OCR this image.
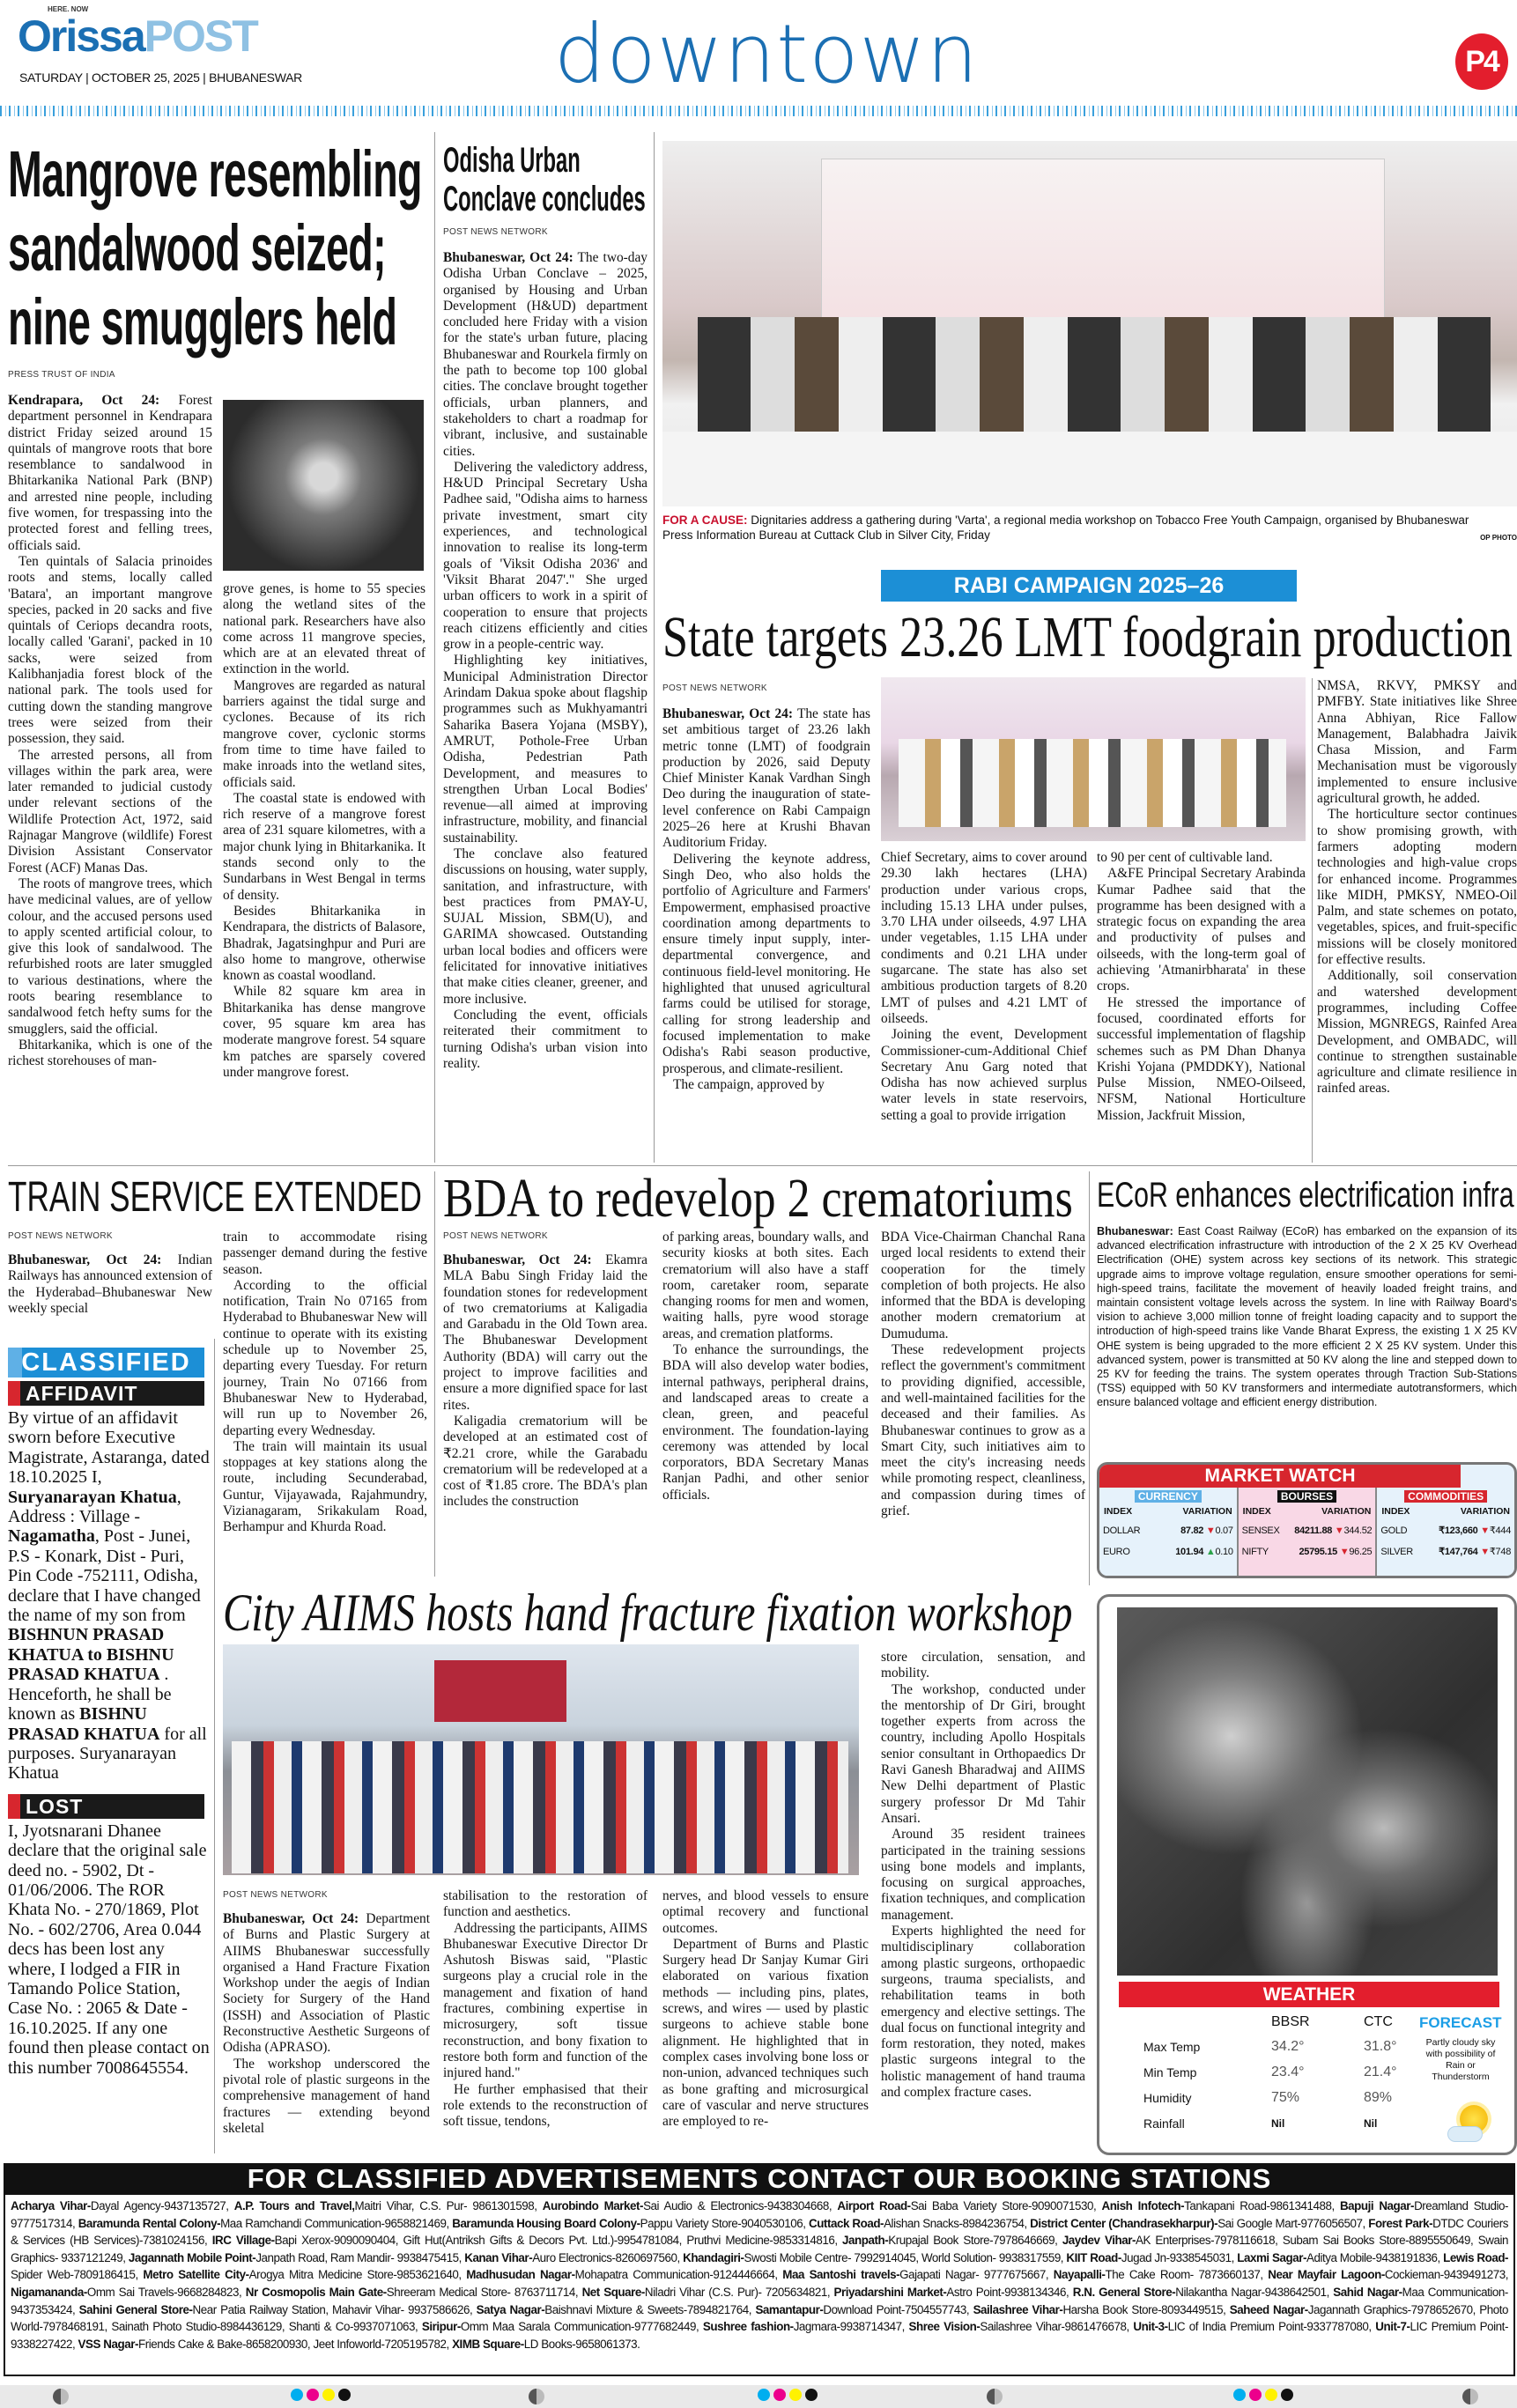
HERE. NOW
OrissaPOST
SATURDAY | OCTOBER 25, 2025 | BHUBANESWAR	downtown	P4
Mangrove resembling
sandalwood seized;
nine smugglers held
PRESS TRUST OF INDIA

Kendrapara, Oct 24: Forest department personnel in Kendrapara district Friday seized around 15 quintals of mangrove roots that bore resemblance to sandalwood in Bhitarkanika National Park (BNP) and arrested nine people, including five women, for trespassing into the protected forest and felling trees, officials said.

Ten quintals of Salacia prinoides roots and stems, locally called 'Batara', an important mangrove species, packed in 20 sacks and five quintals of Ceriops decandra roots, locally called 'Garani', packed in 10 sacks, were seized from Kalibhanjadia forest block of the national park. The tools used for cutting down the standing mangrove trees were seized from their possession, they said.

The arrested persons, all from villages within the park area, were later remanded to judicial custody under relevant sections of the Wildlife Protection Act, 1972, said Rajnagar Mangrove (wildlife) Forest Division Assistant Conservator Forest (ACF) Manas Das.

The roots of mangrove trees, which have medicinal values, are of yellow colour, and the accused persons used to apply scented artificial colour, to give this look of sandalwood. The refurbished roots are later smuggled to various destinations, where the roots bearing resemblance to sandalwood fetch hefty sums for the smugglers, said the official.

Bhitarkanika, which is one of the richest storehouses of man-

grove genes, is home to 55 species along the wetland sites of the national park. Researchers have also come across 11 mangrove species, which are at an elevated threat of extinction in the world.

Mangroves are regarded as natural barriers against the tidal surge and cyclones. Because of its rich mangrove cover, cyclonic storms from time to time have failed to make inroads into the wetland sites, officials said.

The coastal state is endowed with rich reserve of a mangrove forest area of 231 square kilometres, with a major chunk lying in Bhitarkanika. It stands second only to the Sundarbans in West Bengal in terms of density.

Besides Bhitarkanika in Kendrapara, the districts of Balasore, Bhadrak, Jagatsinghpur and Puri are also home to mangrove, otherwise known as coastal woodland.

While 82 square km area in Bhitarkanika has dense mangrove cover, 95 square km area has moderate mangrove forest. 54 square km patches are sparsely covered under mangrove forest.

Odisha Urban
Conclave concludes
POST NEWS NETWORK

Bhubaneswar, Oct 24: The two-day Odisha Urban Conclave – 2025, organised by Housing and Urban Development (H&UD) department concluded here Friday with a vision for the state's urban future, placing Bhubaneswar and Rourkela firmly on the path to become top 100 global cities. The conclave brought together officials, urban planners, and stakeholders to chart a roadmap for vibrant, inclusive, and sustainable cities.

Delivering the valedictory address, H&UD Principal Secretary Usha Padhee said, "Odisha aims to harness private investment, smart city experiences, and technological innovation to realise its long-term goals of 'Viksit Odisha 2036' and 'Viksit Bharat 2047'." She urged urban officers to work in a spirit of cooperation to ensure that projects reach citizens efficiently and cities grow in a people-centric way.

Highlighting key initiatives, Municipal Administration Director Arindam Dakua spoke about flagship programmes such as Mukhyamantri Saharika Basera Yojana (MSBY), AMRUT, Pothole-Free Urban Odisha, Pedestrian Path Development, and measures to strengthen Urban Local Bodies' revenue—all aimed at improving infrastructure, mobility, and financial sustainability.

The conclave also featured discussions on housing, water supply, sanitation, and infrastructure, with best practices from PMAY-U, SUJAL Mission, SBM(U), and GARIMA showcased. Outstanding urban local bodies and officers were felicitated for innovative initiatives that make cities cleaner, greener, and more inclusive.

Concluding the event, officials reiterated their commitment to turning Odisha's urban vision into reality.

OP PHOTO
FOR A CAUSE: Dignitaries address a gathering during 'Varta', a regional media workshop on Tobacco Free Youth Campaign, organised by Bhubaneswar Press Information Bureau at Cuttack Club in Silver City, Friday
RABI CAMPAIGN 2025–26
State targets 23.26 LMT foodgrain production
POST NEWS NETWORK

Bhubaneswar, Oct 24: The state has set ambitious target of 23.26 lakh metric tonne (LMT) of foodgrain production by 2026, said Deputy Chief Minister Kanak Vardhan Singh Deo during the inauguration of state-level conference on Rabi Campaign 2025–26 here at Krushi Bhavan Auditorium Friday.

Delivering the keynote address, Singh Deo, who also holds the portfolio of Agriculture and Farmers' Empowerment, emphasised proactive coordination among departments to ensure timely input supply, inter-departmental convergence, and continuous field-level monitoring. He highlighted that unused agricultural farms could be utilised for storage, calling for strong leadership and focused implementation to make Odisha's Rabi season productive, prosperous, and climate-resilient.

The campaign, approved by

Chief Secretary, aims to cover around 29.30 lakh hectares (LHA) production under various crops, including 15.13 LHA under pulses, 3.70 LHA under oilseeds, 4.97 LHA under vegetables, 1.15 LHA under condiments and 0.21 LHA under sugarcane. The state has also set ambitious production targets of 8.20 LMT of pulses and 4.21 LMT of oilseeds.

Joining the event, Development Commissioner-cum-Additional Chief Secretary Anu Garg noted that Odisha has now achieved surplus water levels in state reservoirs, setting a goal to provide irrigation

to 90 per cent of cultivable land.

A&FE Principal Secretary Arabinda Kumar Padhee said that the programme has been designed with a strategic focus on expanding the area and productivity of pulses and oilseeds, with the long-term goal of achieving 'Atmanirbharata' in these crops.

He stressed the importance of focused, coordinated efforts for successful implementation of flagship schemes such as PM Dhan Dhanya Krishi Yojana (PMDDKY), National Pulse Mission, NMEO-Oilseed, NFSM, National Horticulture Mission, Jackfruit Mission,

NMSA, RKVY, PMKSY and PMFBY. State initiatives like Shree Anna Abhiyan, Rice Fallow Management, Balabhadra Jaivik Chasa Mission, and Farm Mechanisation must be vigorously implemented to ensure inclusive agricultural growth, he added.

The horticulture sector continues to show promising growth, with farmers adopting modern technologies and high-value crops for enhanced income. Programmes like MIDH, PMKSY, NMEO-Oil Palm, and state schemes on potato, vegetables, spices, and fruit-specific missions will be closely monitored for effective results.

Additionally, soil conservation and watershed development programmes, including Coffee Mission, MGNREGS, Rainfed Area Development, and OMBADC, will continue to strengthen sustainable agriculture and climate resilience in rainfed areas.

TRAIN SERVICE EXTENDED
POST NEWS NETWORK

Bhubaneswar, Oct 24: Indian Railways has announced extension of the Hyderabad–Bhubaneswar New weekly special

train to accommodate rising passenger demand during the festive season.

According to the official notification, Train No 07165 from Hyderabad to Bhubaneswar New will continue to operate with its existing schedule up to November 25, departing every Tuesday. For return journey, Train No 07166 from Bhubaneswar New to Hyderabad, will run up to November 26, departing every Wednesday.

The train will maintain its usual stoppages at key stations along the route, including Secunderabad, Guntur, Vijayawada, Rajahmundry, Vizianagaram, Srikakulam Road, Berhampur and Khurda Road.

CLASSIFIED
AFFIDAVIT
By virtue of an affidavit sworn before Executive Magistrate, Astaranga, dated 18.10.2025 I, Suryanarayan Khatua, Address : Village - Nagamatha, Post - Junei, P.S - Konark, Dist - Puri, Pin Code -752111, Odisha, declare that I have changed the name of my son from BISHNUN PRASAD KHATUA to BISHNU PRASAD KHATUA . Henceforth, he shall be known as BISHNU PRASAD KHATUA for all purposes. Suryanarayan Khatua
LOST
I, Jyotsnarani Dhanee declare that the original sale deed no. - 5902, Dt - 01/06/2006. The ROR Khata No. - 270/1869, Plot No. - 602/2706, Area 0.044 decs has been lost any where, I lodged a FIR in Tamando Police Station, Case No. : 2065 & Date - 16.10.2025. If any one found then please contact on this number 7008645554.
BDA to redevelop 2 crematoriums
POST NEWS NETWORK

Bhubaneswar, Oct 24: Ekamra MLA Babu Singh Friday laid the foundation stones for redevelopment of two crematoriums at Kaligadia and Garabadu in the Old Town area. The Bhubaneswar Development Authority (BDA) will carry out the project to improve facilities and ensure a more dignified space for last rites.

Kaligadia crematorium will be developed at an estimated cost of ₹2.21 crore, while the Garabadu crematorium will be redeveloped at a cost of ₹1.85 crore. The BDA's plan includes the construction

of parking areas, boundary walls, and security kiosks at both sites. Each crematorium will also have a staff room, caretaker room, separate changing rooms for men and women, waiting halls, pyre wood storage areas, and cremation platforms.

To enhance the surroundings, the BDA will also develop water bodies, internal pathways, peripheral drains, and landscaped areas to create a clean, green, and peaceful environment. The foundation-laying ceremony was attended by local corporators, BDA Secretary Manas Ranjan Padhi, and other senior officials.

BDA Vice-Chairman Chanchal Rana urged local residents to extend their cooperation for the timely completion of both projects. He also informed that the BDA is developing another modern crematorium at Dumuduma.

These redevelopment projects reflect the government's commitment to providing dignified, accessible, and well-maintained facilities for the deceased and their families. As Bhubaneswar continues to grow as a Smart City, such initiatives aim to meet the city's increasing needs while promoting respect, cleanliness, and compassion during times of grief.

ECoR enhances electrification infra

Bhubaneswar: East Coast Railway (ECoR) has embarked on the expansion of its advanced electrification infrastructure with introduction of the 2 X 25 KV Overhead Electrification (OHE) system across key sections of its network. This strategic upgrade aims to improve voltage regulation, ensure smoother operations for semi-high-speed trains, facilitate the movement of heavily loaded freight trains, and maintain consistent voltage levels across the system. In line with Railway Board's vision to achieve 3,000 million tonne of freight loading capacity and to support the introduction of high-speed trains like Vande Bharat Express, the existing 1 X 25 KV OHE system is being upgraded to the more efficient 2 X 25 KV system. Under this advanced system, power is transmitted at 50 KV along the line and stepped down to 25 KV for feeding the trains. The system operates through Traction Sub-Stations (TSS) equipped with 50 KV transformers and intermediate autotransformers, which ensure balanced voltage and efficient energy distribution.

MARKET WATCH
CURRENCY
INDEX	VARIATION
DOLLAR	87.82 ▼0.07
EURO	101.94 ▲0.10
BOURSES
INDEX	VARIATION
SENSEX 84211.88 ▼344.52
NIFTY	25795.15 ▼96.25
COMMODITIES
INDEX	VARIATION
GOLD	₹123,660 ▼₹444
SILVER	₹147,764 ▼₹748
City AIIMS hosts hand fracture fixation workshop
POST NEWS NETWORK

Bhubaneswar, Oct 24: Department of Burns and Plastic Surgery at AIIMS Bhubaneswar successfully organised a Hand Fracture Fixation Workshop under the aegis of Indian Society for Surgery of the Hand (ISSH) and Association of Plastic Reconstructive Aesthetic Surgeons of Odisha (APRASO).

The workshop underscored the pivotal role of plastic surgeons in the comprehensive management of hand fractures — extending beyond skeletal

stabilisation to the restoration of function and aesthetics.

Addressing the participants, AIIMS Bhubaneswar Executive Director Dr Ashutosh Biswas said, "Plastic surgeons play a crucial role in the management and fixation of hand fractures, combining expertise in microsurgery, soft tissue reconstruction, and bony fixation to restore both form and function of the injured hand."

He further emphasised that their role extends to the reconstruction of soft tissue, tendons,

nerves, and blood vessels to ensure optimal recovery and functional outcomes.

Department of Burns and Plastic Surgery head Dr Sanjay Kumar Giri elaborated on various fixation methods — including pins, plates, screws, and wires — used by plastic surgeons to achieve stable bone alignment. He highlighted that in complex cases involving bone loss or non-union, advanced techniques such as bone grafting and microsurgical care of vascular and nerve structures are employed to re-

store circulation, sensation, and mobility.

The workshop, conducted under the mentorship of Dr Giri, brought together experts from across the country, including Apollo Hospitals senior consultant in Orthopaedics Dr Ravi Ganesh Bharadwaj and AIIMS New Delhi department of Plastic surgery professor Dr Md Tahir Ansari.

Around 35 resident trainees participated in the training sessions using bone models and implants, focusing on surgical approaches, fixation techniques, and complication management.

Experts highlighted the need for multidisciplinary collaboration among plastic surgeons, orthopaedic surgeons, trauma specialists, and rehabilitation teams in both emergency and elective settings. The dual focus on functional integrity and form restoration, they noted, makes plastic surgeons integral to the holistic management of hand trauma and complex fracture cases.

WEATHER
BBSR	CTC FORECAST
Partly cloudy sky with possibility of Rain or Thunderstorm
Max Temp	34.2°	31.8°
Min Temp	23.4°	21.4°
Humidity	75%	89%
Rainfall	Nil	Nil
FOR CLASSIFIED ADVERTISEMENTS CONTACT OUR BOOKING STATIONS
Acharya Vihar-Dayal Agency-9437135727, A.P. Tours and Travel,Maitri Vihar, C.S. Pur- 9861301598, Aurobindo Market-Sai Audio & Electronics-9438304668, Airport Road-Sai Baba Variety Store-9090071530, Anish Infotech-Tankapani Road-9861341488, Bapuji Nagar-Dreamland Studio- 9777517314, Baramunda Rental Colony-Maa Ramchandi Communication-9658821469, Baramunda Housing Board Colony-Pappu Variety Store-9040530106, Cuttack Road-Alishan Snacks-8984236754, District Center (Chandrasekharpur)-Sai Google Mart-9776056507, Forest Park-DTDC Couriers & Services (HB Services)-7381024156, IRC Village-Bapi Xerox-9090090404, Gift Hut(Antriksh Gifts & Decors Pvt. Ltd.)-9954781084, Pruthvi Medicine-9853314816, Janpath-Krupajal Book Store-7978646669, Jaydev Vihar-AK Enterprises-7978116618, Subam Sai Books Store-8895550649, Swain Graphics- 9337121249, Jagannath Mobile Point-Janpath Road, Ram Mandir- 9938475415, Kanan Vihar-Auro Electronics-8260697560, Khandagiri-Swosti Mobile Centre- 7992914045, World Solution- 9938317559, KIIT Road-Jugad Jn-9338545031, Laxmi Sagar-Aditya Mobile-9438191836, Lewis Road-Spider Web-7809186415, Metro Satellite City-Arogya Mitra Medicine Store-9853621640, Madhusudan Nagar-Mohapatra Communication-9124446664, Maa Santoshi travels-Gajapati Nagar- 9777675667, Nayapalli-The Cake Room- 7873660137, Near Mayfair Lagoon-Cockieman-9439491273, Nigamananda-Omm Sai Travels-9668284823, Nr Cosmopolis Main Gate-Shreeram Medical Store- 8763711714, Net Square-Niladri Vihar (C.S. Pur)- 7205634821, Priyadarshini Market-Astro Point-9938134346, R.N. General Store-Nilakantha Nagar-9438642501, Sahid Nagar-Maa Communication- 9437353424, Sahini General Store-Near Patia Railway Station, Mahavir Vihar- 9937586626, Satya Nagar-Baishnavi Mixture & Sweets-7894821764, Samantapur-Download Point-7504557743, Sailashree Vihar-Harsha Book Store-8093449515, Saheed Nagar-Jagannath Graphics-7978652670, Photo World-7978468191, Sainath Photo Studio-8984436129, Shanti & Co-9937071063, Siripur-Omm Maa Sarala Communication-9777682449, Sushree fashion-Jagmara-9938714347, Shree Vision-Sailashree Vihar-9861476678, Unit-3-LIC of India Premium Point-9337787080, Unit-7-LIC Premium Point- 9338227422, VSS Nagar-Friends Cake & Bake-8658200930, Jeet Infoworld-7205195782, XIMB Square-LD Books-9658061373.
